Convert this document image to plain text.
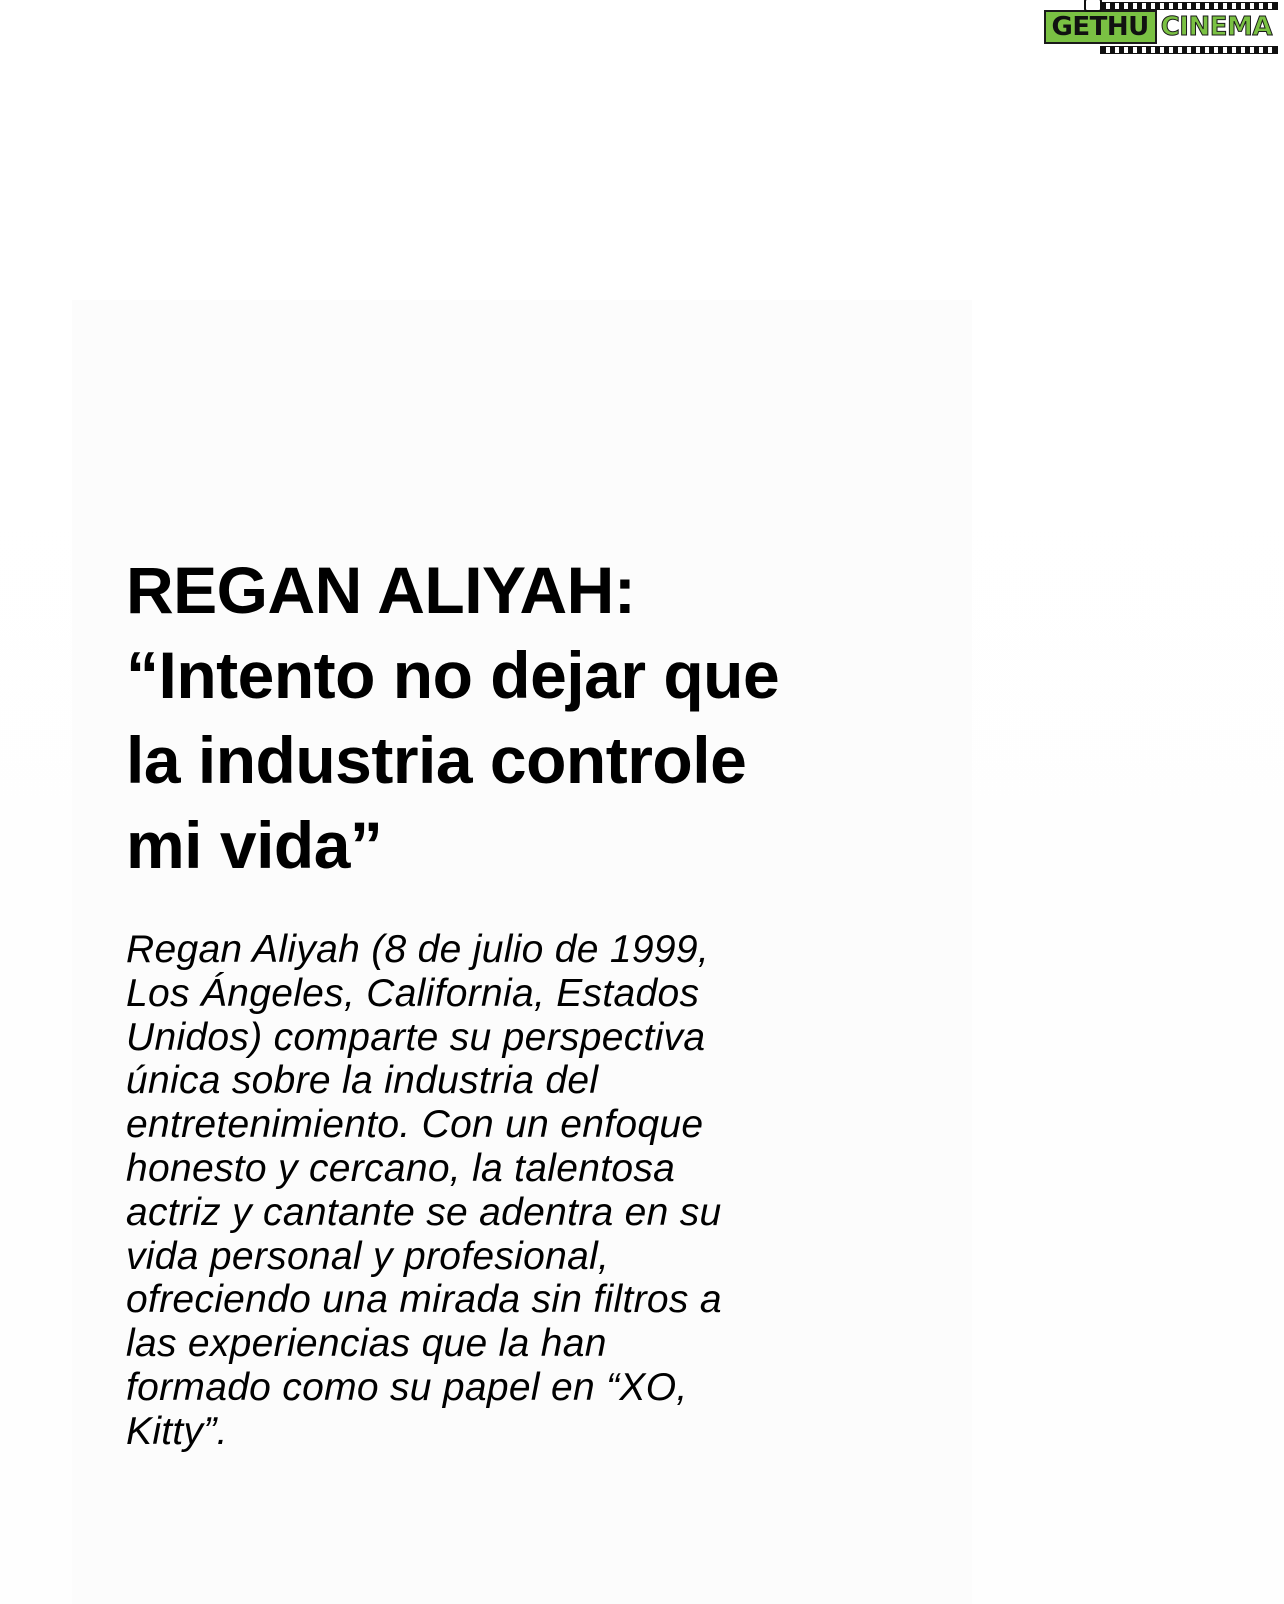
GETHU CINEMA
REGAN ALIYAH:
“Intento no dejar que
la industria controle
mi vida”

Regan Aliyah (8 de julio de 1999,
Los Ángeles, California, Estados
Unidos) comparte su perspectiva
única sobre la industria del
entretenimiento. Con un enfoque
honesto y cercano, la talentosa
actriz y cantante se adentra en su
vida personal y profesional,
ofreciendo una mirada sin filtros a
las experiencias que la han
formado como su papel en “XO,
Kitty”.
